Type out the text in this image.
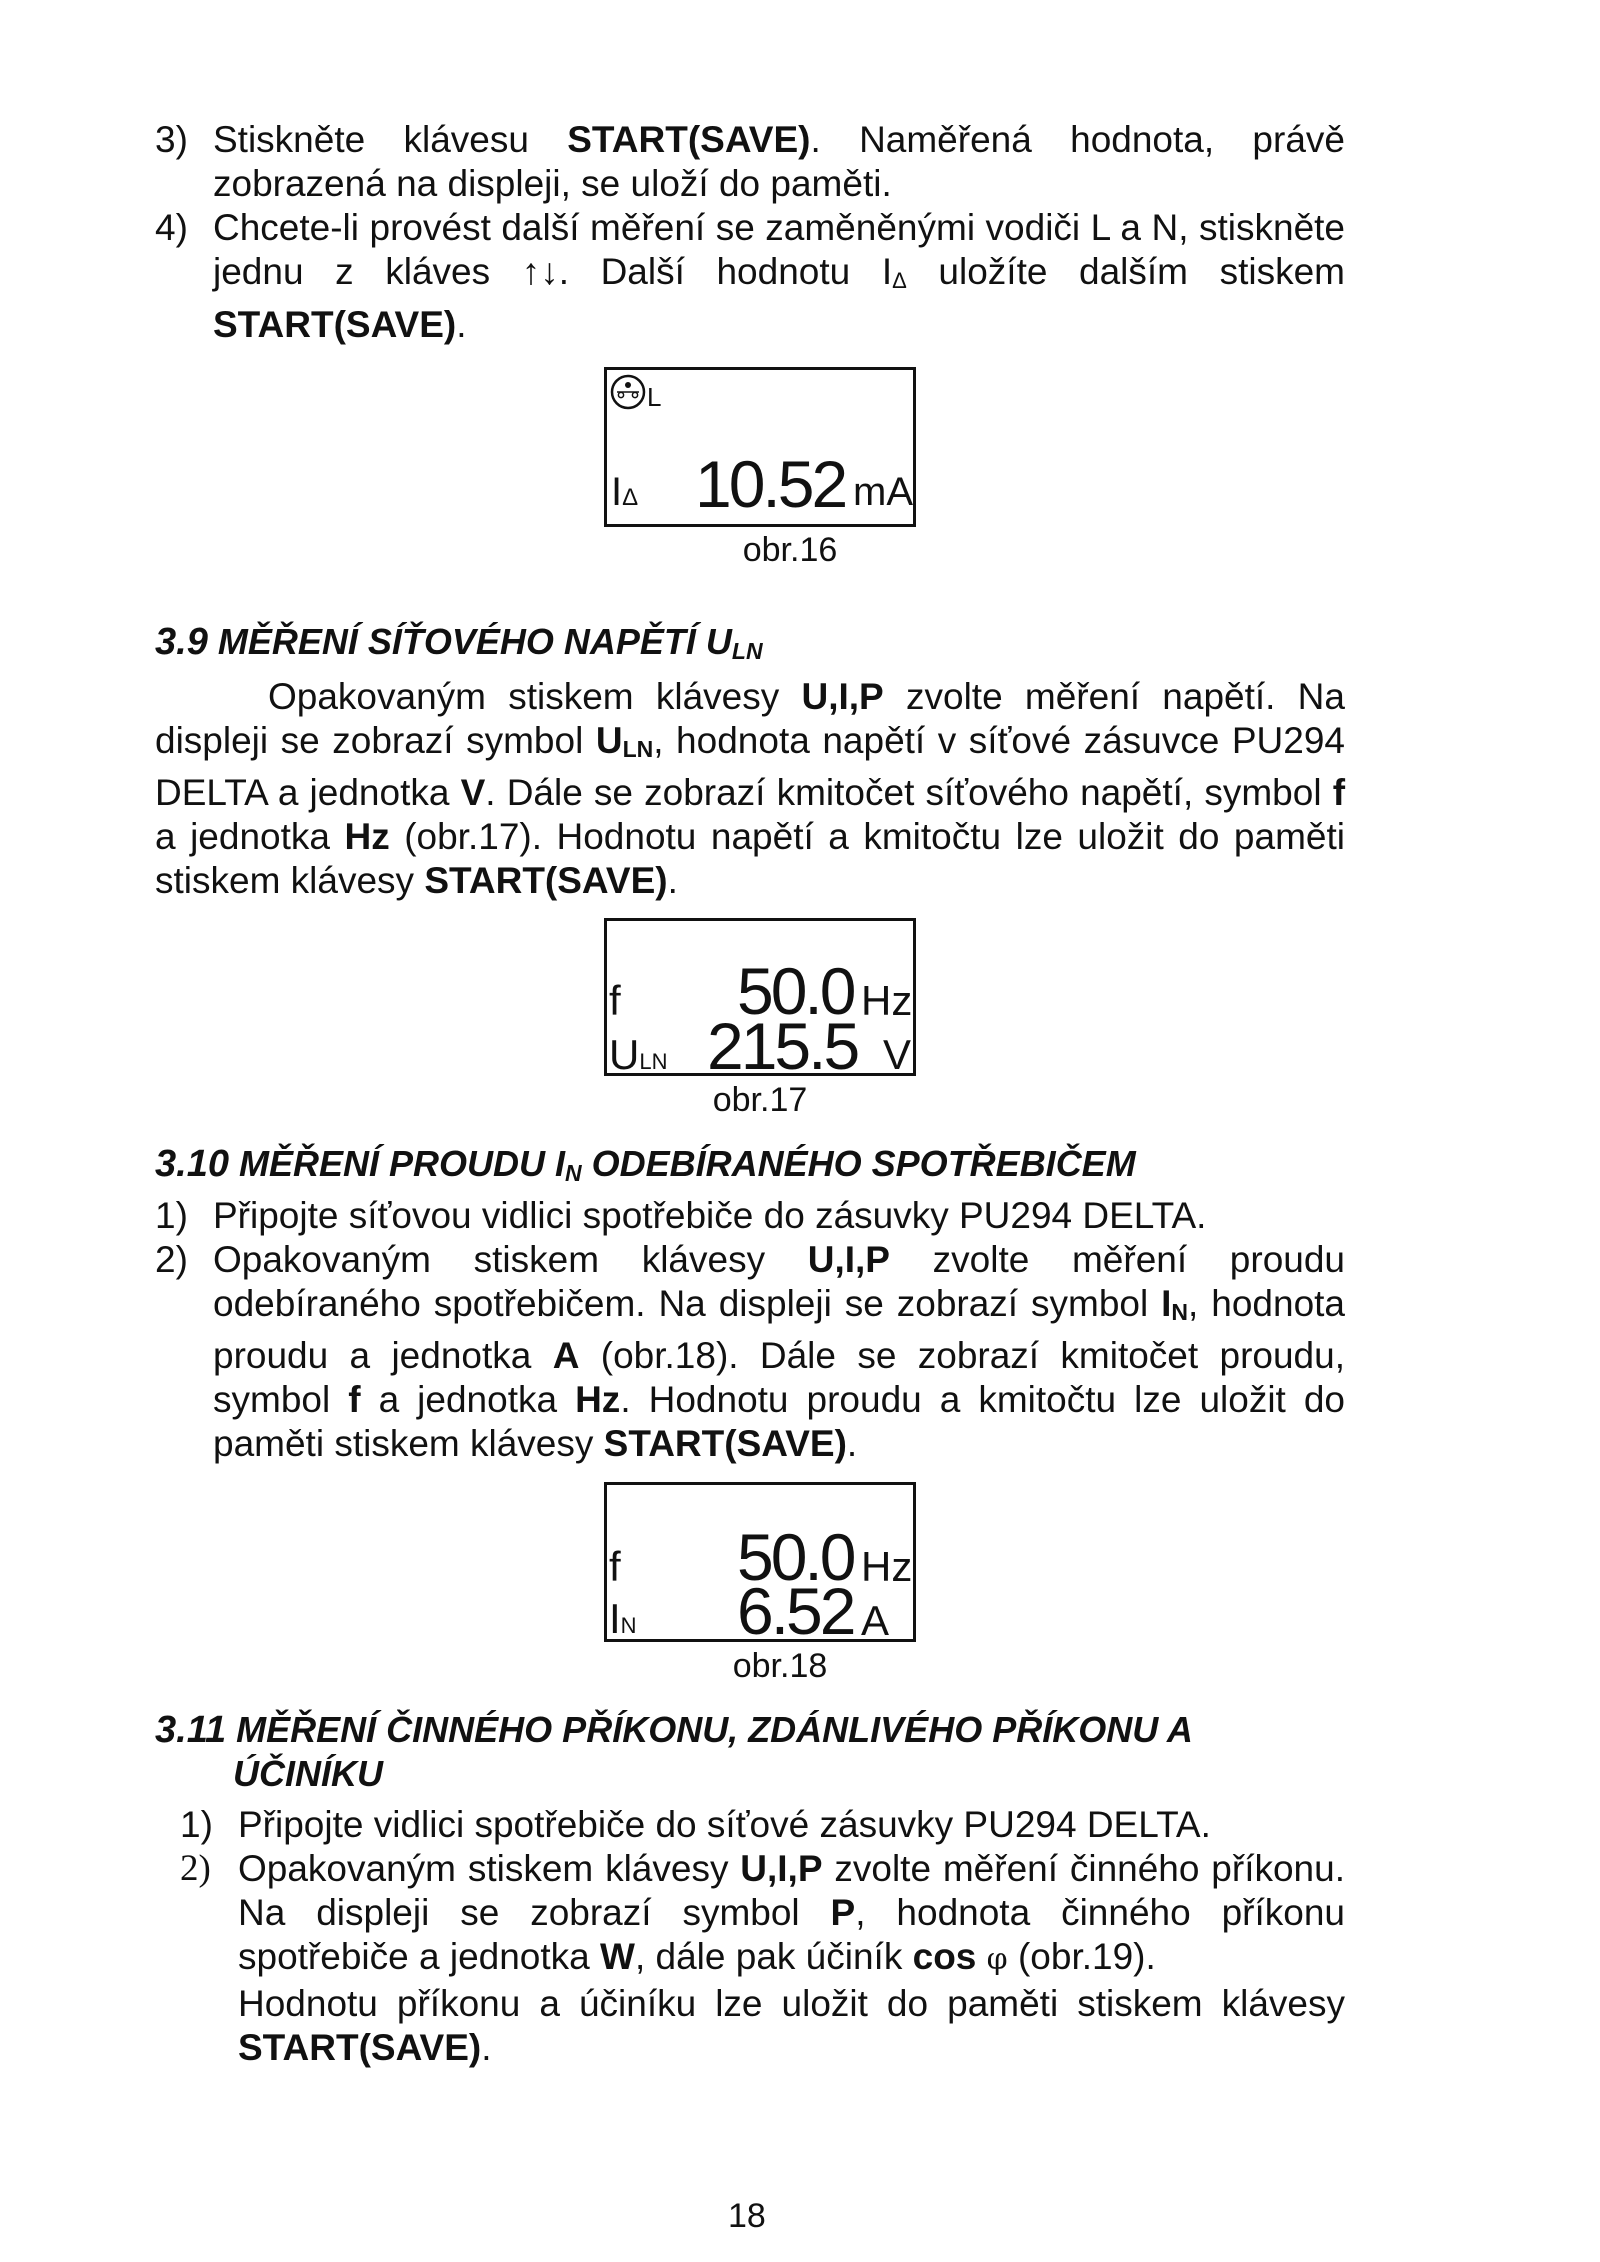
3) Stiskněte klávesu START(SAVE). Naměřená hodnota, právě zobrazená na displeji, se uloží do paměti.
4) Chcete-li provést další měření se zaměněnými vodiči L a N, stiskněte jednu z kláves ↑↓. Další hodnotu IΔ uložíte dalším stiskem START(SAVE).
L
IΔ 10.52 mA
obr.16
3.9 MĚŘENÍ SÍŤOVÉHO NAPĚTÍ ULN
Opakovaným stiskem klávesy U,I,P zvolte měření napětí. Na displeji se zobrazí symbol ULN, hodnota napětí v síťové zásuvce PU294 DELTA a jednotka V. Dále se zobrazí kmitočet síťového napětí, symbol f a jednotka Hz (obr.17). Hodnotu napětí a kmitočtu lze uložit do paměti stiskem klávesy START(SAVE).
f 50.0 Hz
ULN 215.5 V
obr.17
3.10 MĚŘENÍ PROUDU IN ODEBÍRANÉHO SPOTŘEBIČEM
1) Připojte síťovou vidlici spotřebiče do zásuvky PU294 DELTA.
2) Opakovaným stiskem klávesy U,I,P zvolte měření proudu odebíraného spotřebičem. Na displeji se zobrazí symbol IN, hodnota proudu a jednotka A (obr.18). Dále se zobrazí kmitočet proudu, symbol f a jednotka Hz. Hodnotu proudu a kmitočtu lze uložit do paměti stiskem klávesy START(SAVE).
f 50.0 Hz
IN 6.52 A
obr.18
3.11 MĚŘENÍ ČINNÉHO PŘÍKONU, ZDÁNLIVÉHO PŘÍKONU A
ÚČINÍKU
1) Připojte vidlici spotřebiče do síťové zásuvky PU294 DELTA.
2) Opakovaným stiskem klávesy U,I,P zvolte měření činného příkonu. Na displeji se zobrazí symbol P, hodnota činného příkonu spotřebiče a jednotka W, dále pak účiník cos φ (obr.19).
Hodnotu příkonu a účiníku lze uložit do paměti stiskem klávesy START(SAVE).
18
